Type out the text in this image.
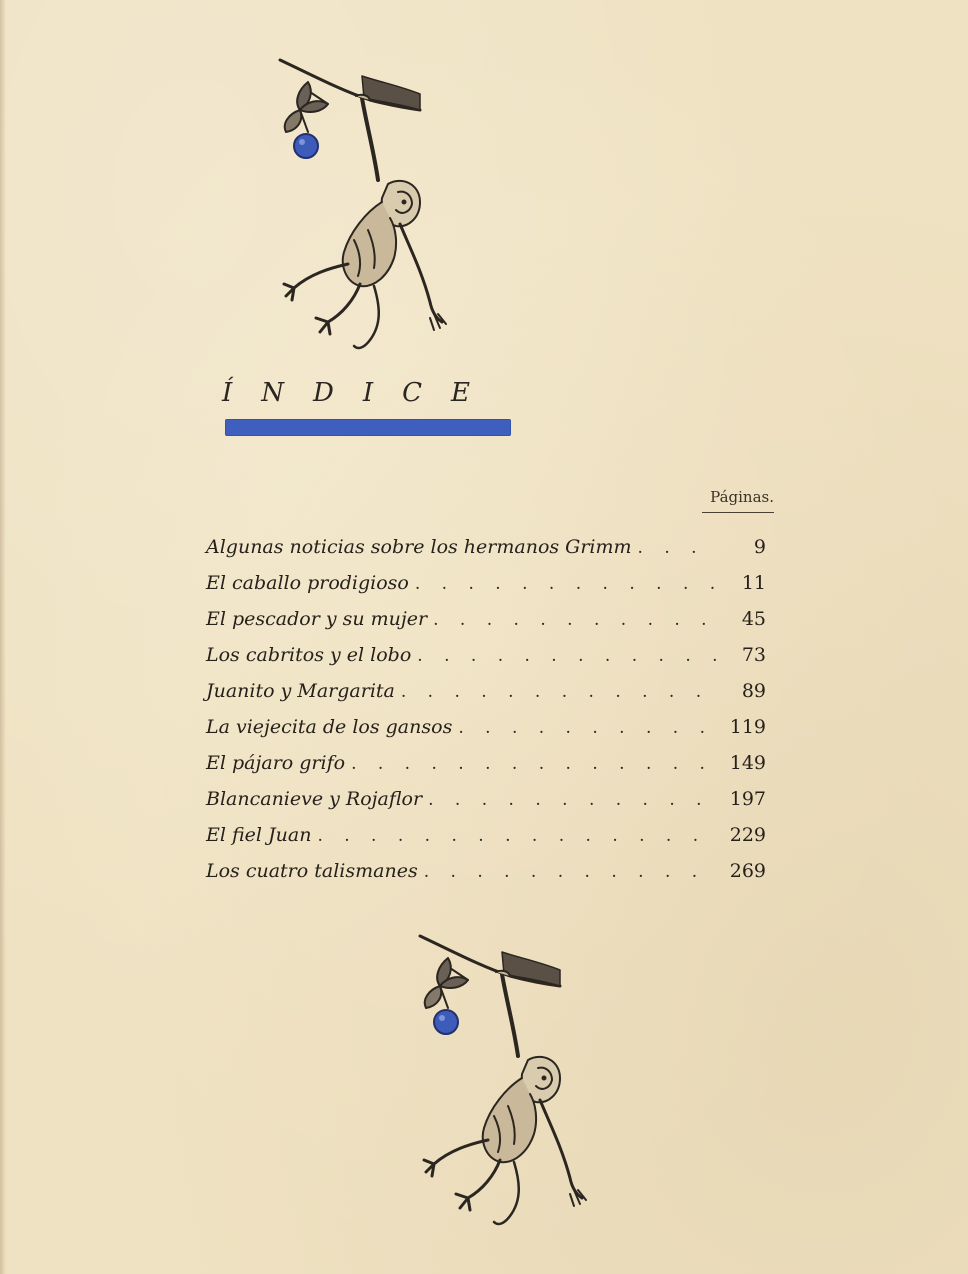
ÍNDICE
Páginas.
Algunas noticias sobre los hermanos Grimm . . .	9
El caballo prodigioso . . .	11
El pescador y su mujer . . .	45
Los cabritos y el lobo . . .	73
Juanito y Margarita . . .	89
La viejecita de los gansos . . .	119
El pájaro grifo . . .	149
Blancanieve y Rojaflor . . .	197
El fiel Juan . . .	229
Los cuatro talismanes . . .	269
